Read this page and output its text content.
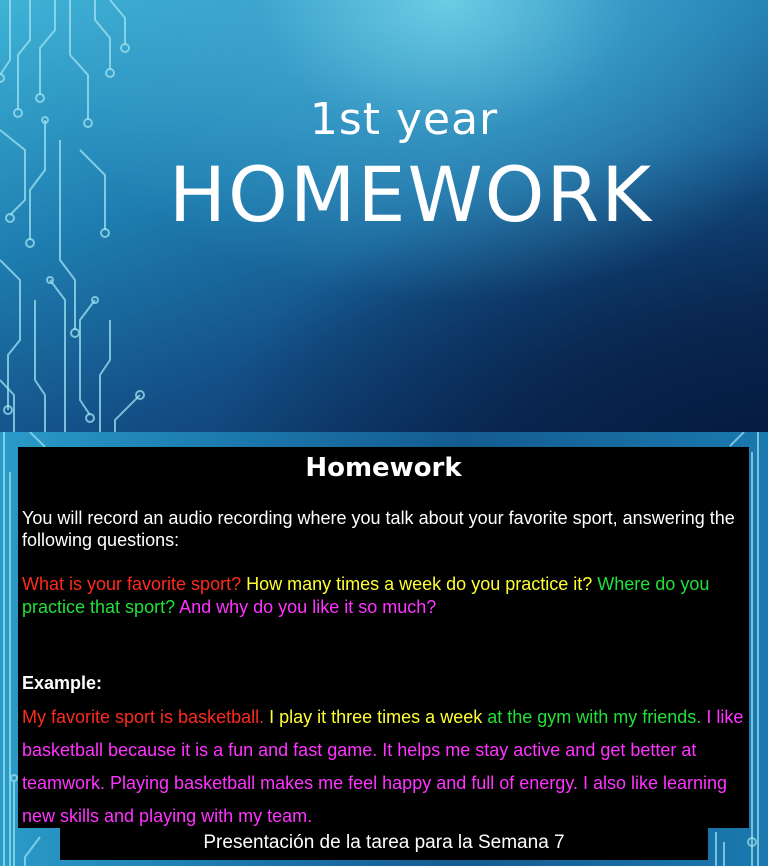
1st year
HOMEWORK
Homework
You will record an audio recording where you talk about your favorite sport, answering the following questions:
What is your favorite sport? How many times a week do you practice it? Where do you practice that sport? And why do you like it so much?
Example:
My favorite sport is basketball. I play it three times a week at the gym with my friends. I like basketball because it is a fun and fast game. It helps me stay active and get better at teamwork. Playing basketball makes me feel happy and full of energy. I also like learning new skills and playing with my team.
Presentación de la tarea para la Semana 7
